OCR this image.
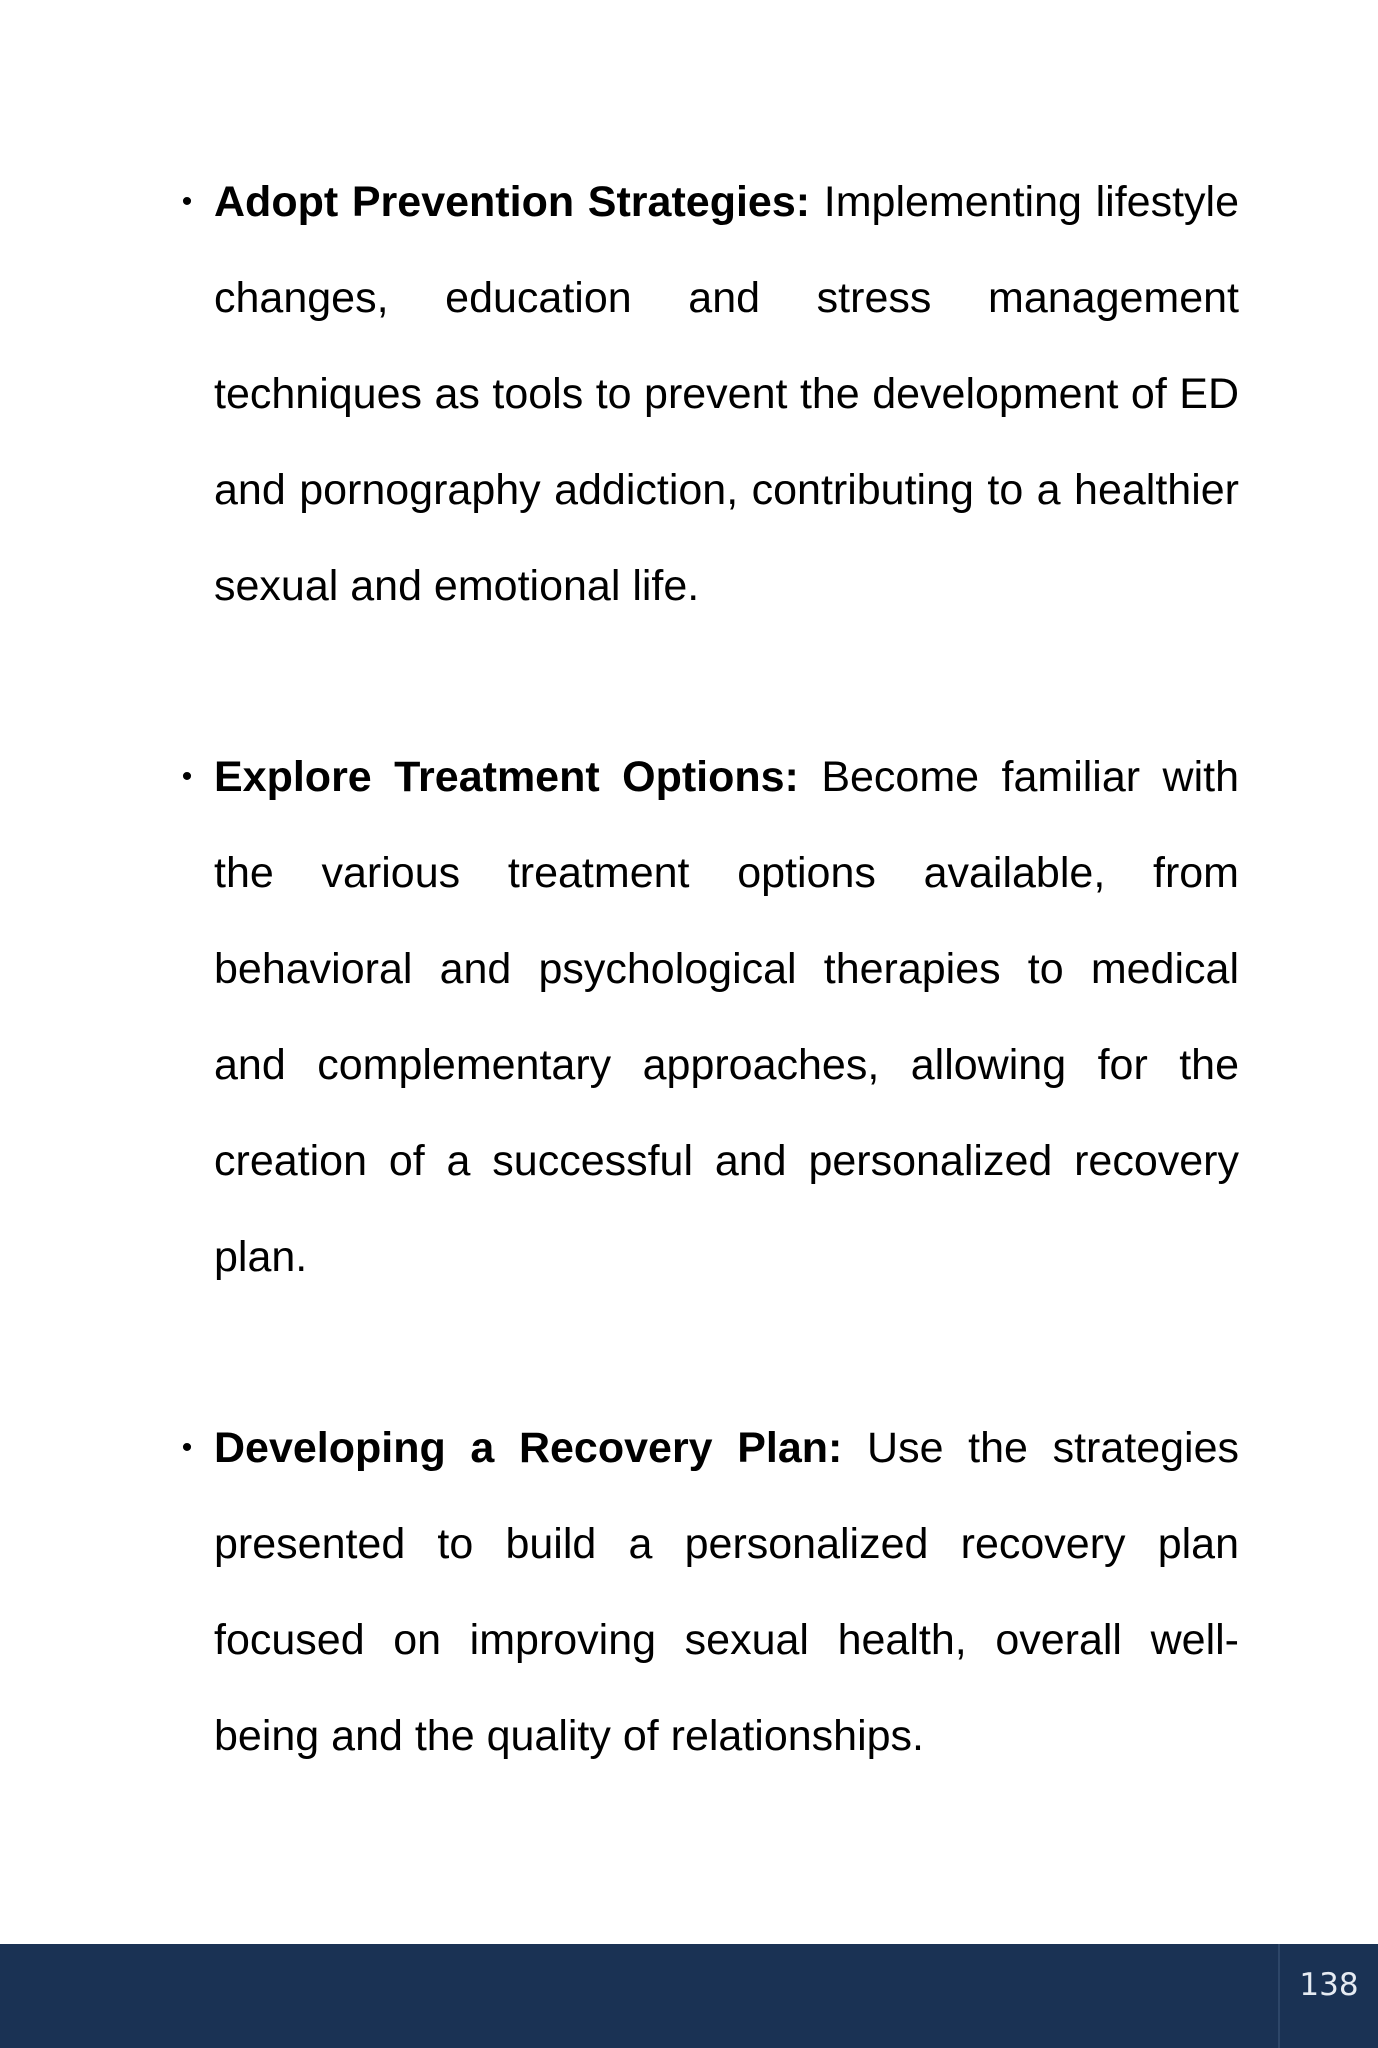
• Adopt Prevention Strategies: Implementing lifestyle changes, education and stress management techniques as tools to prevent the development of ED and pornography addiction, contributing to a healthier sexual and emotional life.
• Explore Treatment Options: Become familiar with the various treatment options available, from behavioral and psychological therapies to medical and complementary approaches, allowing for the creation of a successful and personalized recovery plan.
• Developing a Recovery Plan: Use the strategies presented to build a personalized recovery plan focused on improving sexual health, overall well-being and the quality of relationships.
138
